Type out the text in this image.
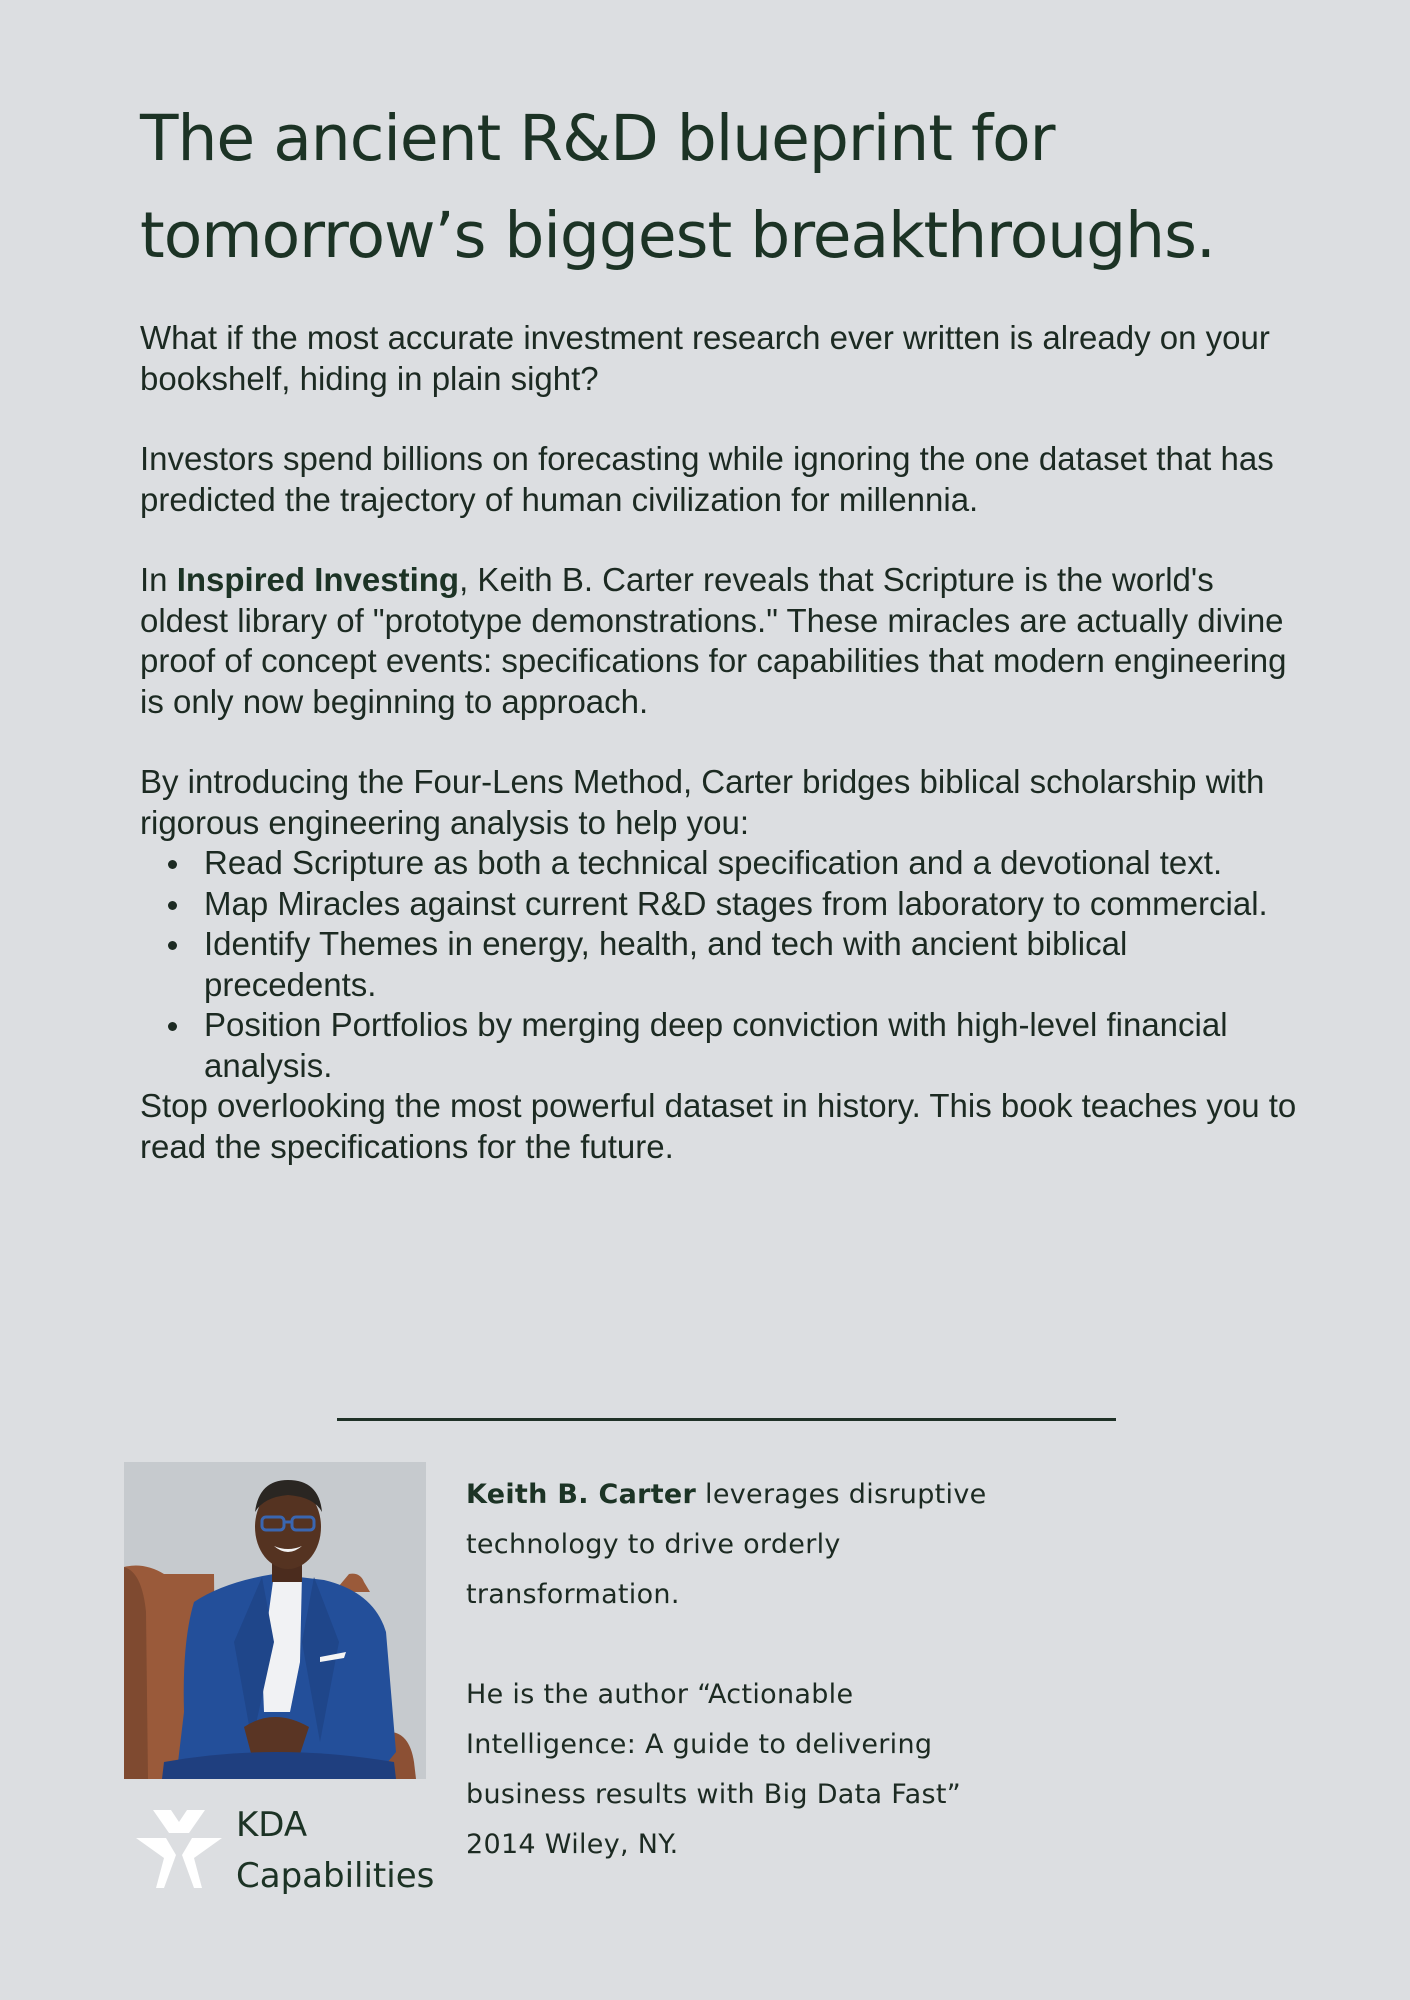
The ancient R&D blueprint for
tomorrow’s biggest breakthroughs.

What if the most accurate investment research ever written is already on your bookshelf, hiding in plain sight?

Investors spend billions on forecasting while ignoring the one dataset that has predicted the trajectory of human civilization for millennia.

In Inspired Investing, Keith B. Carter reveals that Scripture is the world's oldest library of "prototype demonstrations." These miracles are actually divine proof of concept events: specifications for capabilities that modern engineering is only now beginning to approach.

By introducing the Four-Lens Method, Carter bridges biblical scholarship with rigorous engineering analysis to help you:

Read Scripture as both a technical specification and a devotional text.
Map Miracles against current R&D stages from laboratory to commercial.
Identify Themes in energy, health, and tech with ancient biblical precedents.
Position Portfolios by merging deep conviction with high-level financial analysis.

Stop overlooking the most powerful dataset in history. This book teaches you to read the specifications for the future.

KDA
Capabilities

Keith B. Carter leverages disruptive technology to drive orderly transformation.

He is the author “Actionable Intelligence: A guide to delivering business results with Big Data Fast” 2014 Wiley, NY.
